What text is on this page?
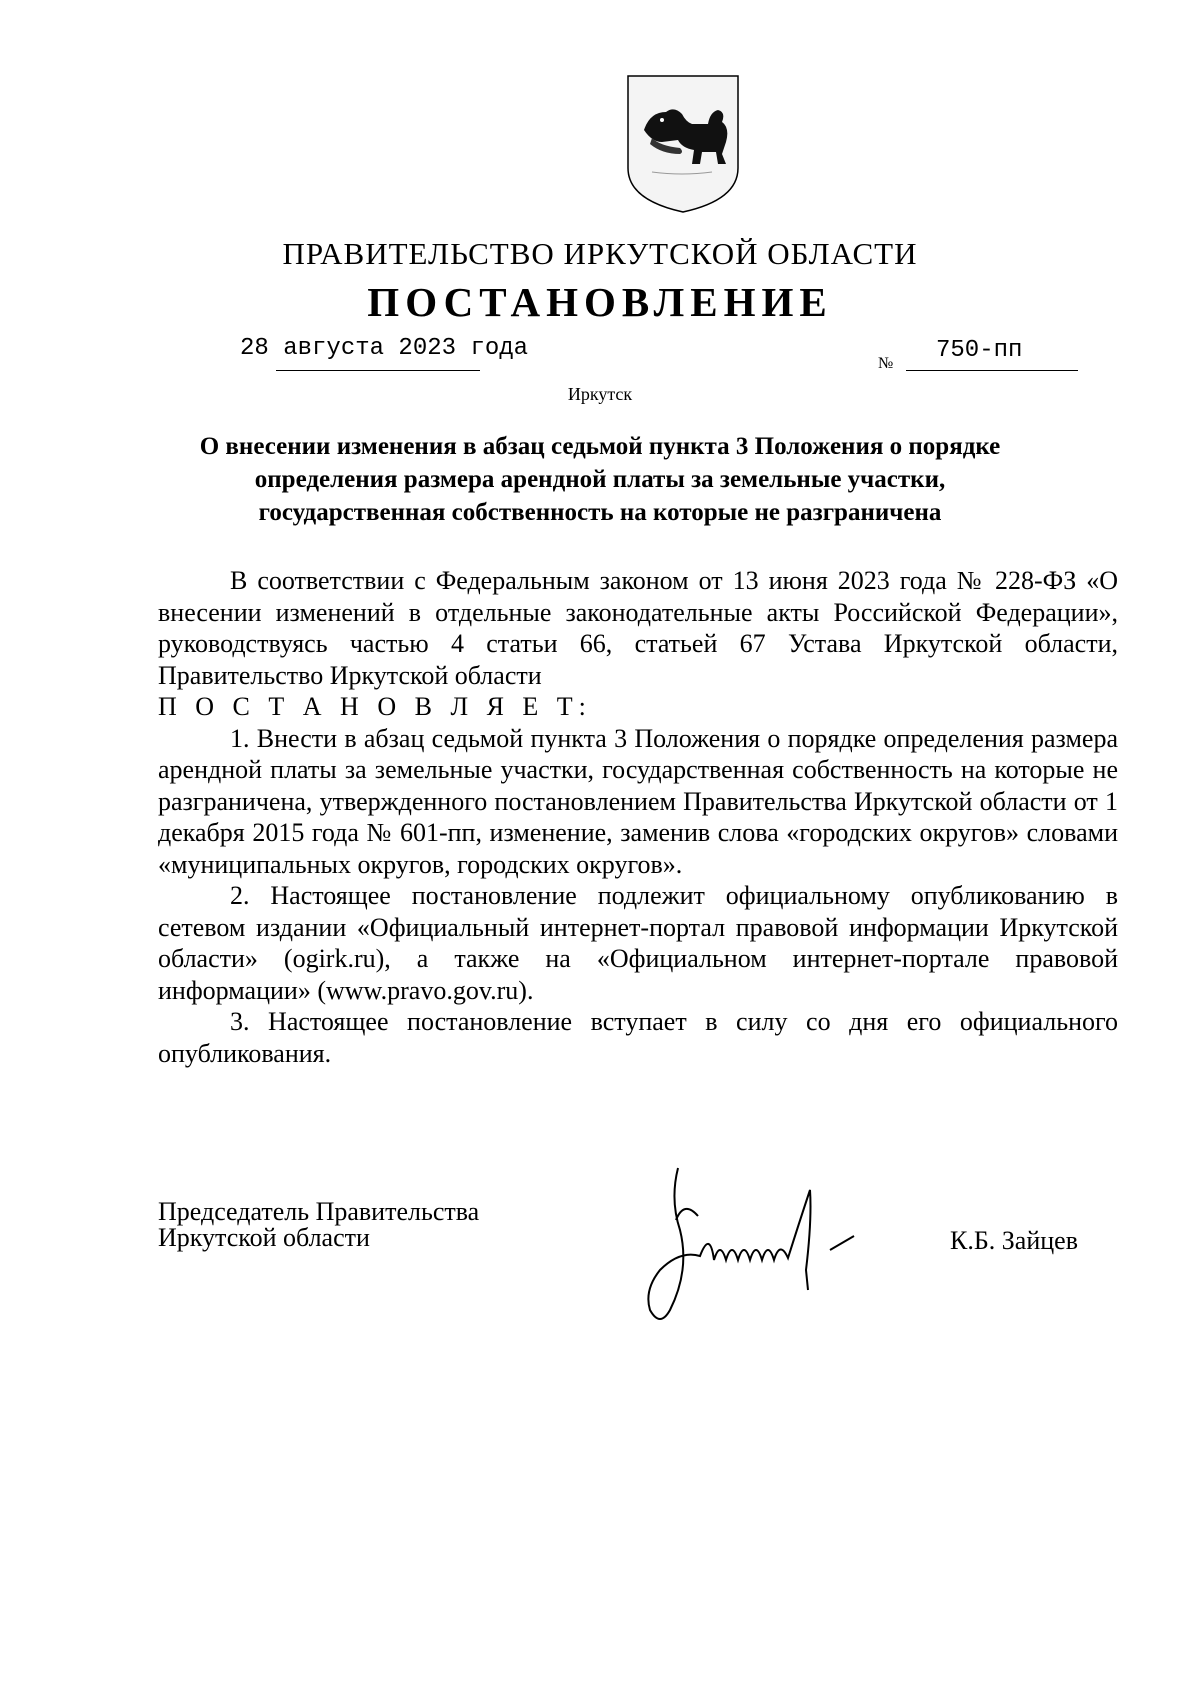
ПРАВИТЕЛЬСТВО ИРКУТСКОЙ ОБЛАСТИ
ПОСТАНОВЛЕНИЕ
28 августа 2023 года
№ 750-пп
Иркутск
О внесении изменения в абзац седьмой пункта 3 Положения о порядке определения размера арендной платы за земельные участки, государственная собственность на которые не разграничена

В соответствии с Федеральным законом от 13 июня 2023 года № 228-ФЗ «О внесении изменений в отдельные законодательные акты Российской Федерации», руководствуясь частью 4 статьи 66, статьей 67 Устава Иркутской области, Правительство Иркутской области

П О С Т А Н О В Л Я Е Т:

1. Внести в абзац седьмой пункта 3 Положения о порядке определения размера арендной платы за земельные участки, государственная собственность на которые не разграничена, утвержденного постановлением Правительства Иркутской области от 1 декабря 2015 года № 601-пп, изменение, заменив слова «городских округов» словами «муниципальных округов, городских округов».

2. Настоящее постановление подлежит официальному опубликованию в сетевом издании «Официальный интернет-портал правовой информации Иркутской области» (ogirk.ru), а также на «Официальном интернет-портале правовой информации» (www.pravo.gov.ru).

3. Настоящее постановление вступает в силу со дня его официального опубликования.

Председатель Правительства
Иркутской области	К.Б. Зайцев
